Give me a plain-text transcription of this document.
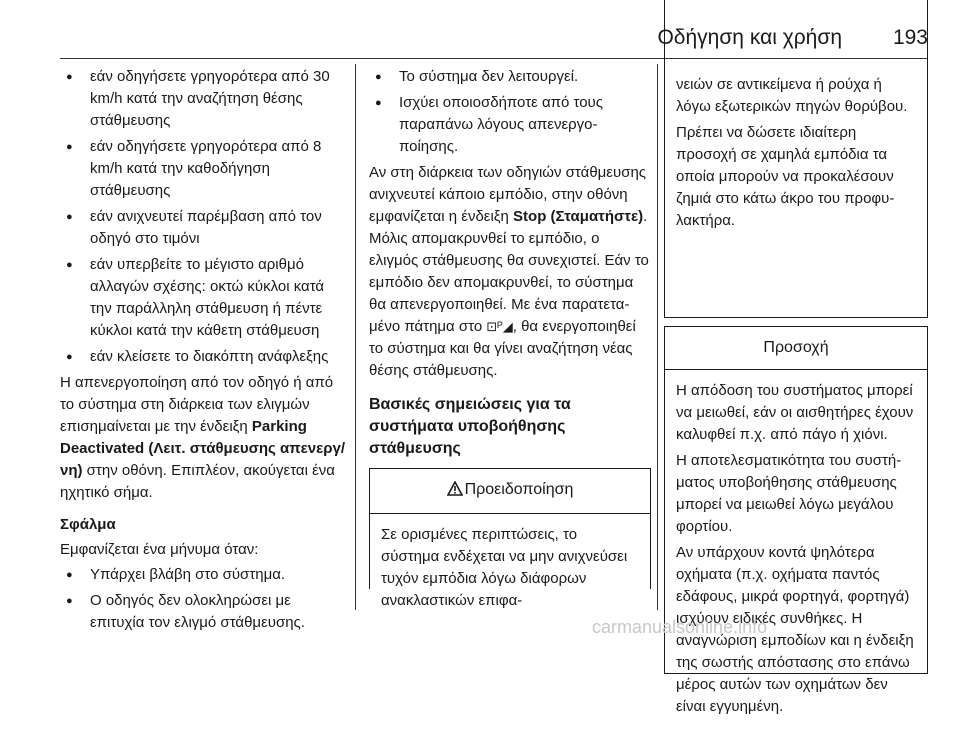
Οδήγηση και χρήση 193
● εάν οδηγήσετε γρηγορότερα από 30 km/h κατά την αναζήτηση θέσης στάθμευσης
● εάν οδηγήσετε γρηγορότερα από 8 km/h κατά την καθοδήγηση στάθμευσης
● εάν ανιχνευτεί παρέμβαση από τον οδηγό στο τιμόνι
● εάν υπερβείτε το μέγιστο αριθμό αλλαγών σχέσης: οκτώ κύκλοι κατά την παράλληλη στάθμευση ή πέντε κύκλοι κατά την κάθετη στάθμευση
● εάν κλείσετε το διακόπτη ανάφλεξης

Η απενεργοποίηση από τον οδηγό ή από το σύστημα στη διάρκεια των ελιγμών επισημαίνεται με την ένδειξη Parking Deactivated (Λειτ. στάθμευσης απενεργ/νη) στην οθόνη. Επιπλέον, ακούγεται ένα ηχητικό σήμα.

Σφάλμα

Εμφανίζεται ένα μήνυμα όταν:

● Υπάρχει βλάβη στο σύστημα.
● Ο οδηγός δεν ολοκληρώσει με επιτυχία τον ελιγμό στάθμευσης.
● Το σύστημα δεν λειτουργεί.
● Ισχύει οποιοσδήποτε από τους παραπάνω λόγους απενεργοποίησης.

Αν στη διάρκεια των οδηγιών στάθμευσης ανιχνευτεί κάποιο εμπόδιο, στην οθόνη εμφανίζεται η ένδειξη Stop (Σταματήστε). Μόλις απομακρυνθεί το εμπόδιο, ο ελιγμός στάθμευσης θα συνεχιστεί. Εάν το εμπόδιο δεν απομακρυνθεί, το σύστημα θα απενεργοποιηθεί. Με ένα παρατεταμένο πάτημα στο ⊡ᴾ◢, θα ενεργοποιηθεί το σύστημα και θα γίνει αναζήτηση νέας θέσης στάθμευσης.

Βασικές σημειώσεις για τα συστήματα υποβοήθησης στάθμευσης
Προειδοποίηση
Σε ορισμένες περιπτώσεις, το σύστημα ενδέχεται να μην ανιχνεύσει τυχόν εμπόδια λόγω διάφορων ανακλαστικών επιφα-

νειών σε αντικείμενα ή ρούχα ή λόγω εξωτερικών πηγών θορύβου.

Πρέπει να δώσετε ιδιαίτερη προσοχή σε χαμηλά εμπόδια τα οποία μπορούν να προκαλέσουν ζημιά στο κάτω άκρο του προφυλακτήρα.

Προσοχή

Η απόδοση του συστήματος μπορεί να μειωθεί, εάν οι αισθητήρες έχουν καλυφθεί π.χ. από πάγο ή χιόνι.

Η αποτελεσματικότητα του συστήματος υποβοήθησης στάθμευσης μπορεί να μειωθεί λόγω μεγάλου φορτίου.

Αν υπάρχουν κοντά ψηλότερα οχήματα (π.χ. οχήματα παντός εδάφους, μικρά φορτηγά, φορτηγά) ισχύουν ειδικές συνθήκες. Η αναγνώριση εμποδίων και η ένδειξη της σωστής απόστασης στο επάνω μέρος αυτών των οχημάτων δεν είναι εγγυημένη.

carmanualsonline.info
